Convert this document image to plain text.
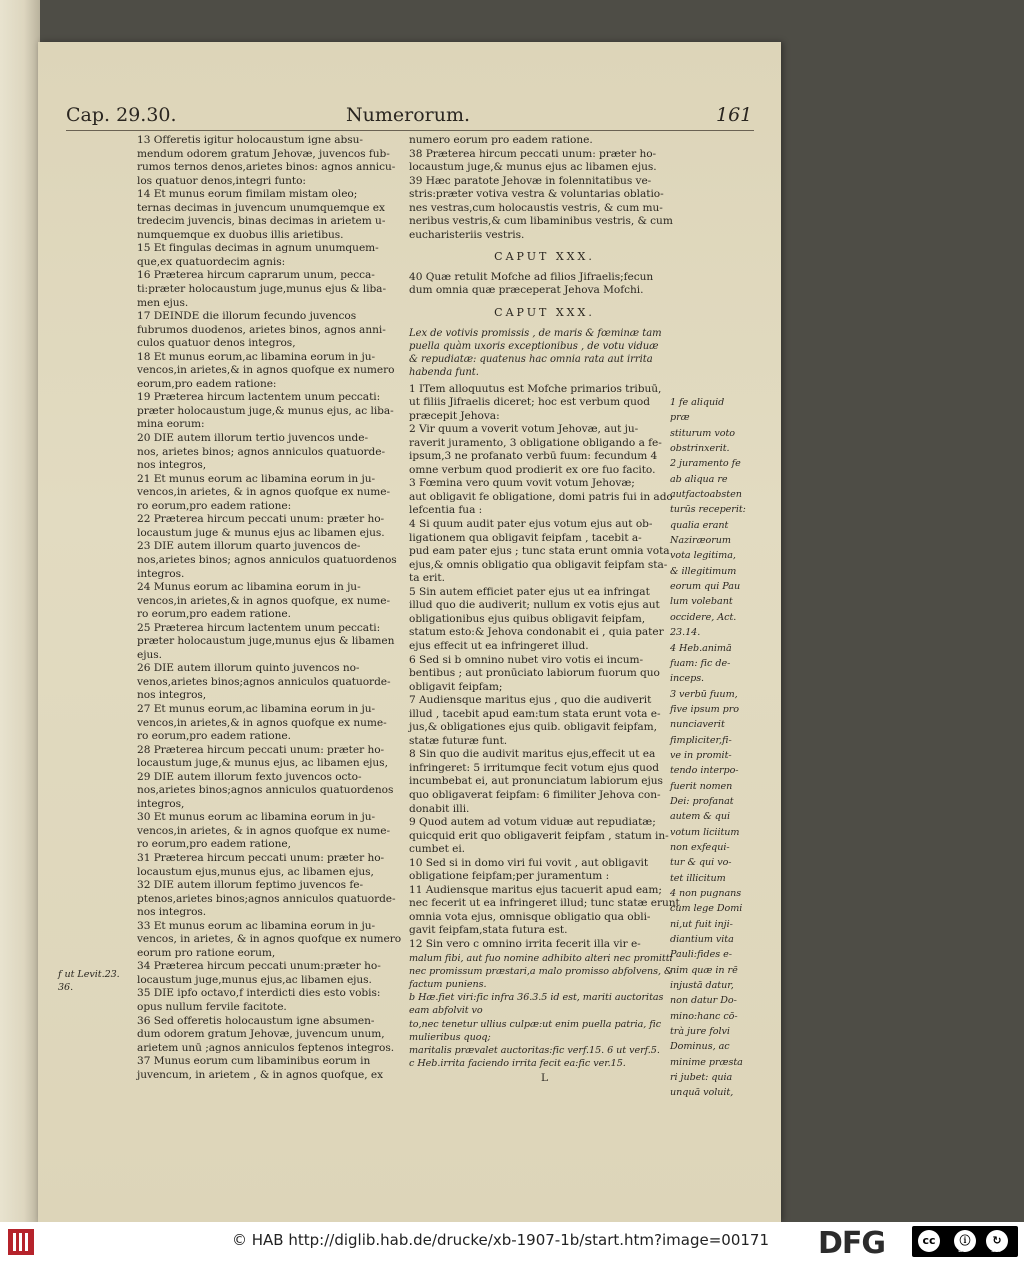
Cap. 29.30.	Numerorum.	161

13 Offeretis igitur holocaustum igne absu-

mendum odorem gratum Jehovæ, juvencos fub-

rumos ternos denos,arietes binos: agnos annicu-

los quatuor denos,integri funto:

14 Et munus eorum fimilam mistam oleo;

ternas decimas in juvencum unumquemque ex

tredecim juvencis, binas decimas in arietem u-

numquemque ex duobus illis arietibus.

15 Et fingulas decimas in agnum unumquem-

que,ex quatuordecim agnis:

16 Præterea hircum caprarum unum, pecca-

ti:præter holocaustum juge,munus ejus & liba-

men ejus.

17 DEINDE die illorum fecundo juvencos

fubrumos duodenos, arietes binos, agnos anni-

culos quatuor denos integros,

18 Et munus eorum,ac libamina eorum in ju-

vencos,in arietes,& in agnos quofque ex numero

eorum,pro eadem ratione:

19 Præterea hircum lactentem unum peccati:

præter holocaustum juge,& munus ejus, ac liba-

mina eorum:

20 DIE autem illorum tertio juvencos unde-

nos, arietes binos; agnos anniculos quatuorde-

nos integros,

21 Et munus eorum ac libamina eorum in ju-

vencos,in arietes, & in agnos quofque ex nume-

ro eorum,pro eadem ratione:

22 Præterea hircum peccati unum: præter ho-

locaustum juge & munus ejus ac libamen ejus.

23 DIE autem illorum quarto juvencos de-

nos,arietes binos; agnos anniculos quatuordenos

integros.

24 Munus eorum ac libamina eorum in ju-

vencos,in arietes,& in agnos quofque, ex nume-

ro eorum,pro eadem ratione.

25 Præterea hircum lactentem unum peccati:

præter holocaustum juge,munus ejus & libamen

ejus.

26 DIE autem illorum quinto juvencos no-

venos,arietes binos;agnos anniculos quatuorde-

nos integros,

27 Et munus eorum,ac libamina eorum in ju-

vencos,in arietes,& in agnos quofque ex nume-

ro eorum,pro eadem ratione.

28 Præterea hircum peccati unum: præter ho-

locaustum juge,& munus ejus, ac libamen ejus,

29 DIE autem illorum fexto juvencos octo-

nos,arietes binos;agnos anniculos quatuordenos

integros,

30 Et munus eorum ac libamina eorum in ju-

vencos,in arietes, & in agnos quofque ex nume-

ro eorum,pro eadem ratione,

31 Præterea hircum peccati unum: præter ho-

locaustum ejus,munus ejus, ac libamen ejus,

32 DIE autem illorum feptimo juvencos fe-

ptenos,arietes binos;agnos anniculos quatuorde-

nos integros.

33 Et munus eorum ac libamina eorum in ju-

vencos, in arietes, & in agnos quofque ex numero

eorum pro ratione eorum,

34 Præterea hircum peccati unum:præter ho-

locaustum juge,munus ejus,ac libamen ejus.

35 DIE ipfo octavo,f interdicti dies esto vobis:

opus nullum fervile facitote.

36 Sed offeretis holocaustum igne absumen-

dum odorem gratum Jehovæ, juvencum unum,

arietem unū ;agnos anniculos feptenos integros.

37 Munus eorum cum libaminibus eorum in

juvencum, in arietem , & in agnos quofque, ex

f ut Levit.23.

36.

numero eorum pro eadem ratione.

38 Præterea hircum peccati unum: præter ho-

locaustum juge,& munus ejus ac libamen ejus.

39 Hæc paratote Jehovæ in folennitatibus ve-

stris:præter votiva vestra & voluntarias oblatio-

nes vestras,cum holocaustis vestris, & cum mu-

neribus vestris,& cum libaminibus vestris, & cum

eucharisteriis vestris.

CAPUT XXX.

40 Quæ retulit Mofche ad filios Jifraelis;fecun

dum omnia quæ præceperat Jehova Mofchi.

CAPUT XXX.

Lex de votivis promissis , de maris & fœminæ tam

puella quàm uxoris exceptionibus , de votu viduæ

& repudiatæ: quatenus hac omnia rata aut irrita

habenda funt.

1 ITem alloquutus est Mofche primarios tribuū,

ut filiis Jifraelis diceret; hoc est verbum quod

præcepit Jehova:

2 Vir quum a voverit votum Jehovæ, aut ju-

raverit juramento, 3 obligatione obligando a fe-

ipsum,3 ne profanato verbū fuum: fecundum 4

omne verbum quod prodierit ex ore fuo facito.

3 Fœmina vero quum vovit votum Jehovæ;

aut obligavit fe obligatione, domi patris fui in ado

lefcentia fua :

4 Si quum audit pater ejus votum ejus aut ob-

ligationem qua obligavit feipfam , tacebit a-

pud eam pater ejus ; tunc stata erunt omnia vota

ejus,& omnis obligatio qua obligavit feipfam sta-

ta erit.

5 Sin autem efficiet pater ejus ut ea infringat

illud quo die audiverit; nullum ex votis ejus aut

obligationibus ejus quibus obligavit feipfam,

statum esto:& Jehova condonabit ei , quia pater

ejus effecit ut ea infringeret illud.

6 Sed si b omnino nubet viro votis ei incum-

bentibus ; aut pronūciato labiorum fuorum quo

obligavit feipfam;

7 Audiensque maritus ejus , quo die audiverit

illud , tacebit apud eam:tum stata erunt vota e-

jus,& obligationes ejus quib. obligavit feipfam,

statæ futuræ funt.

8 Sin quo die audivit maritus ejus,effecit ut ea

infringeret: 5 irritumque fecit votum ejus quod

incumbebat ei, aut pronunciatum labiorum ejus

quo obligaverat feipfam: 6 fimiliter Jehova con-

donabit illi.

9 Quod autem ad votum viduæ aut repudiatæ;

quicquid erit quo obligaverit feipfam , statum in-

cumbet ei.

10 Sed si in domo viri fui vovit , aut obligavit

obligatione feipfam;per juramentum :

11 Audiensque maritus ejus tacuerit apud eam;

nec fecerit ut ea infringeret illud; tunc statæ erunt

omnia vota ejus, omnisque obligatio qua obli-

gavit feipfam,stata futura est.

12 Sin vero c omnino irrita fecerit illa vir e-

malum fibi, aut fuo nomine adhibito alteri nec promitti

nec promissum præstari,a malo promisso abfolvens, & factum puniens.

b Hæ.fiet viri:fic infra 36.3.5 id est, mariti auctoritas eam abfolvit vo

to,nec tenetur ullius culpæ:ut enim puella patria, fic mulieribus quoq;

maritalis prævalet auctoritas:fic verf.15. 6 ut verf.5.

c Heb.irrita faciendo irrita fecit ea:fic ver.15.

L

1 fe aliquid præ

stiturum voto

obstrinxerit.

2 juramento fe

ab aliqua re

autfactoabsten

turūs receperit:

qualia erant

Naziræorum

vota legitima,

& illegitimum

eorum qui Pau

lum volebant

occidere, Act.

23.14.

4 Heb.animā

fuam: fic de-

inceps.

3 verbū fuum,

five ipsum pro

nunciaverit

fimpliciter,fi-

ve in promit-

tendo interpo-

fuerit nomen

Dei: profanat

autem & qui

votum liciitum

non exfequi-

tur & qui vo-

tet illicitum

4 non pugnans

cum lege Domi

ni,ut fuit inji-

diantium vita

Pauli:fides e-

nim quæ in rē

injustā datur,

non datur Do-

mino:hanc cō-

trà jure folvi

Dominus, ac

minime præsta

ri jubet: quia

unquā voluit,

© HAB http://diglib.hab.de/drucke/xb-1907-1b/start.htm?image=00171 DFG	cc	ⓘ	↻
BY	SA
